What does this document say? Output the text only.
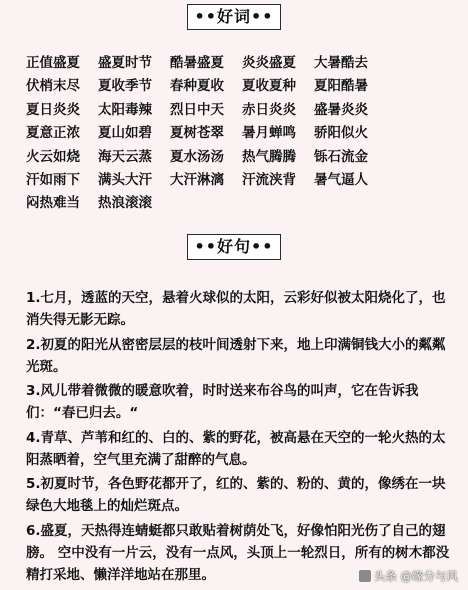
••好词••
正值盛夏	盛夏时节	酷暑盛夏	炎炎盛夏	大暑酷去
伏梢末尽	夏收季节	春种夏收	夏收夏种	夏阳酷暑
夏日炎炎	太阳毒辣	烈日中天	赤日炎炎	盛暑炎炎
夏意正浓	夏山如碧	夏树苍翠	暑月蝉鸣	骄阳似火
火云如烧	海天云蒸	夏水汤汤	热气腾腾	铄石流金
汗如雨下	满头大汗	大汗淋漓	汗流浃背	暑气逼人
闷热难当	热浪滚滚
••好句••

1.七月，透蓝的天空，悬着火球似的太阳，云彩好似被太阳烧化了，也消失得无影无踪。

2.初夏的阳光从密密层层的枝叶间透射下来，地上印满铜钱大小的粼粼光斑。

3.风儿带着微微的暖意吹着，时时送来布谷鸟的叫声，它在告诉我们：“春已归去。“

4.青草、芦苇和红的、白的、紫的野花，被高悬在天空的一轮火热的太阳蒸晒着，空气里充满了甜醉的气息。

5.初夏时节，各色野花都开了，红的、紫的、粉的、黄的，像绣在一块绿色大地毯上的灿烂斑点。

6.盛夏，天热得连蜻蜓都只敢贴着树荫处飞，好像怕阳光伤了自己的翅膀。 空中没有一片云，没有一点风，头顶上一轮烈日，所有的树木都没精打采地、懒洋洋地站在那里。	头条 @缘分与风
